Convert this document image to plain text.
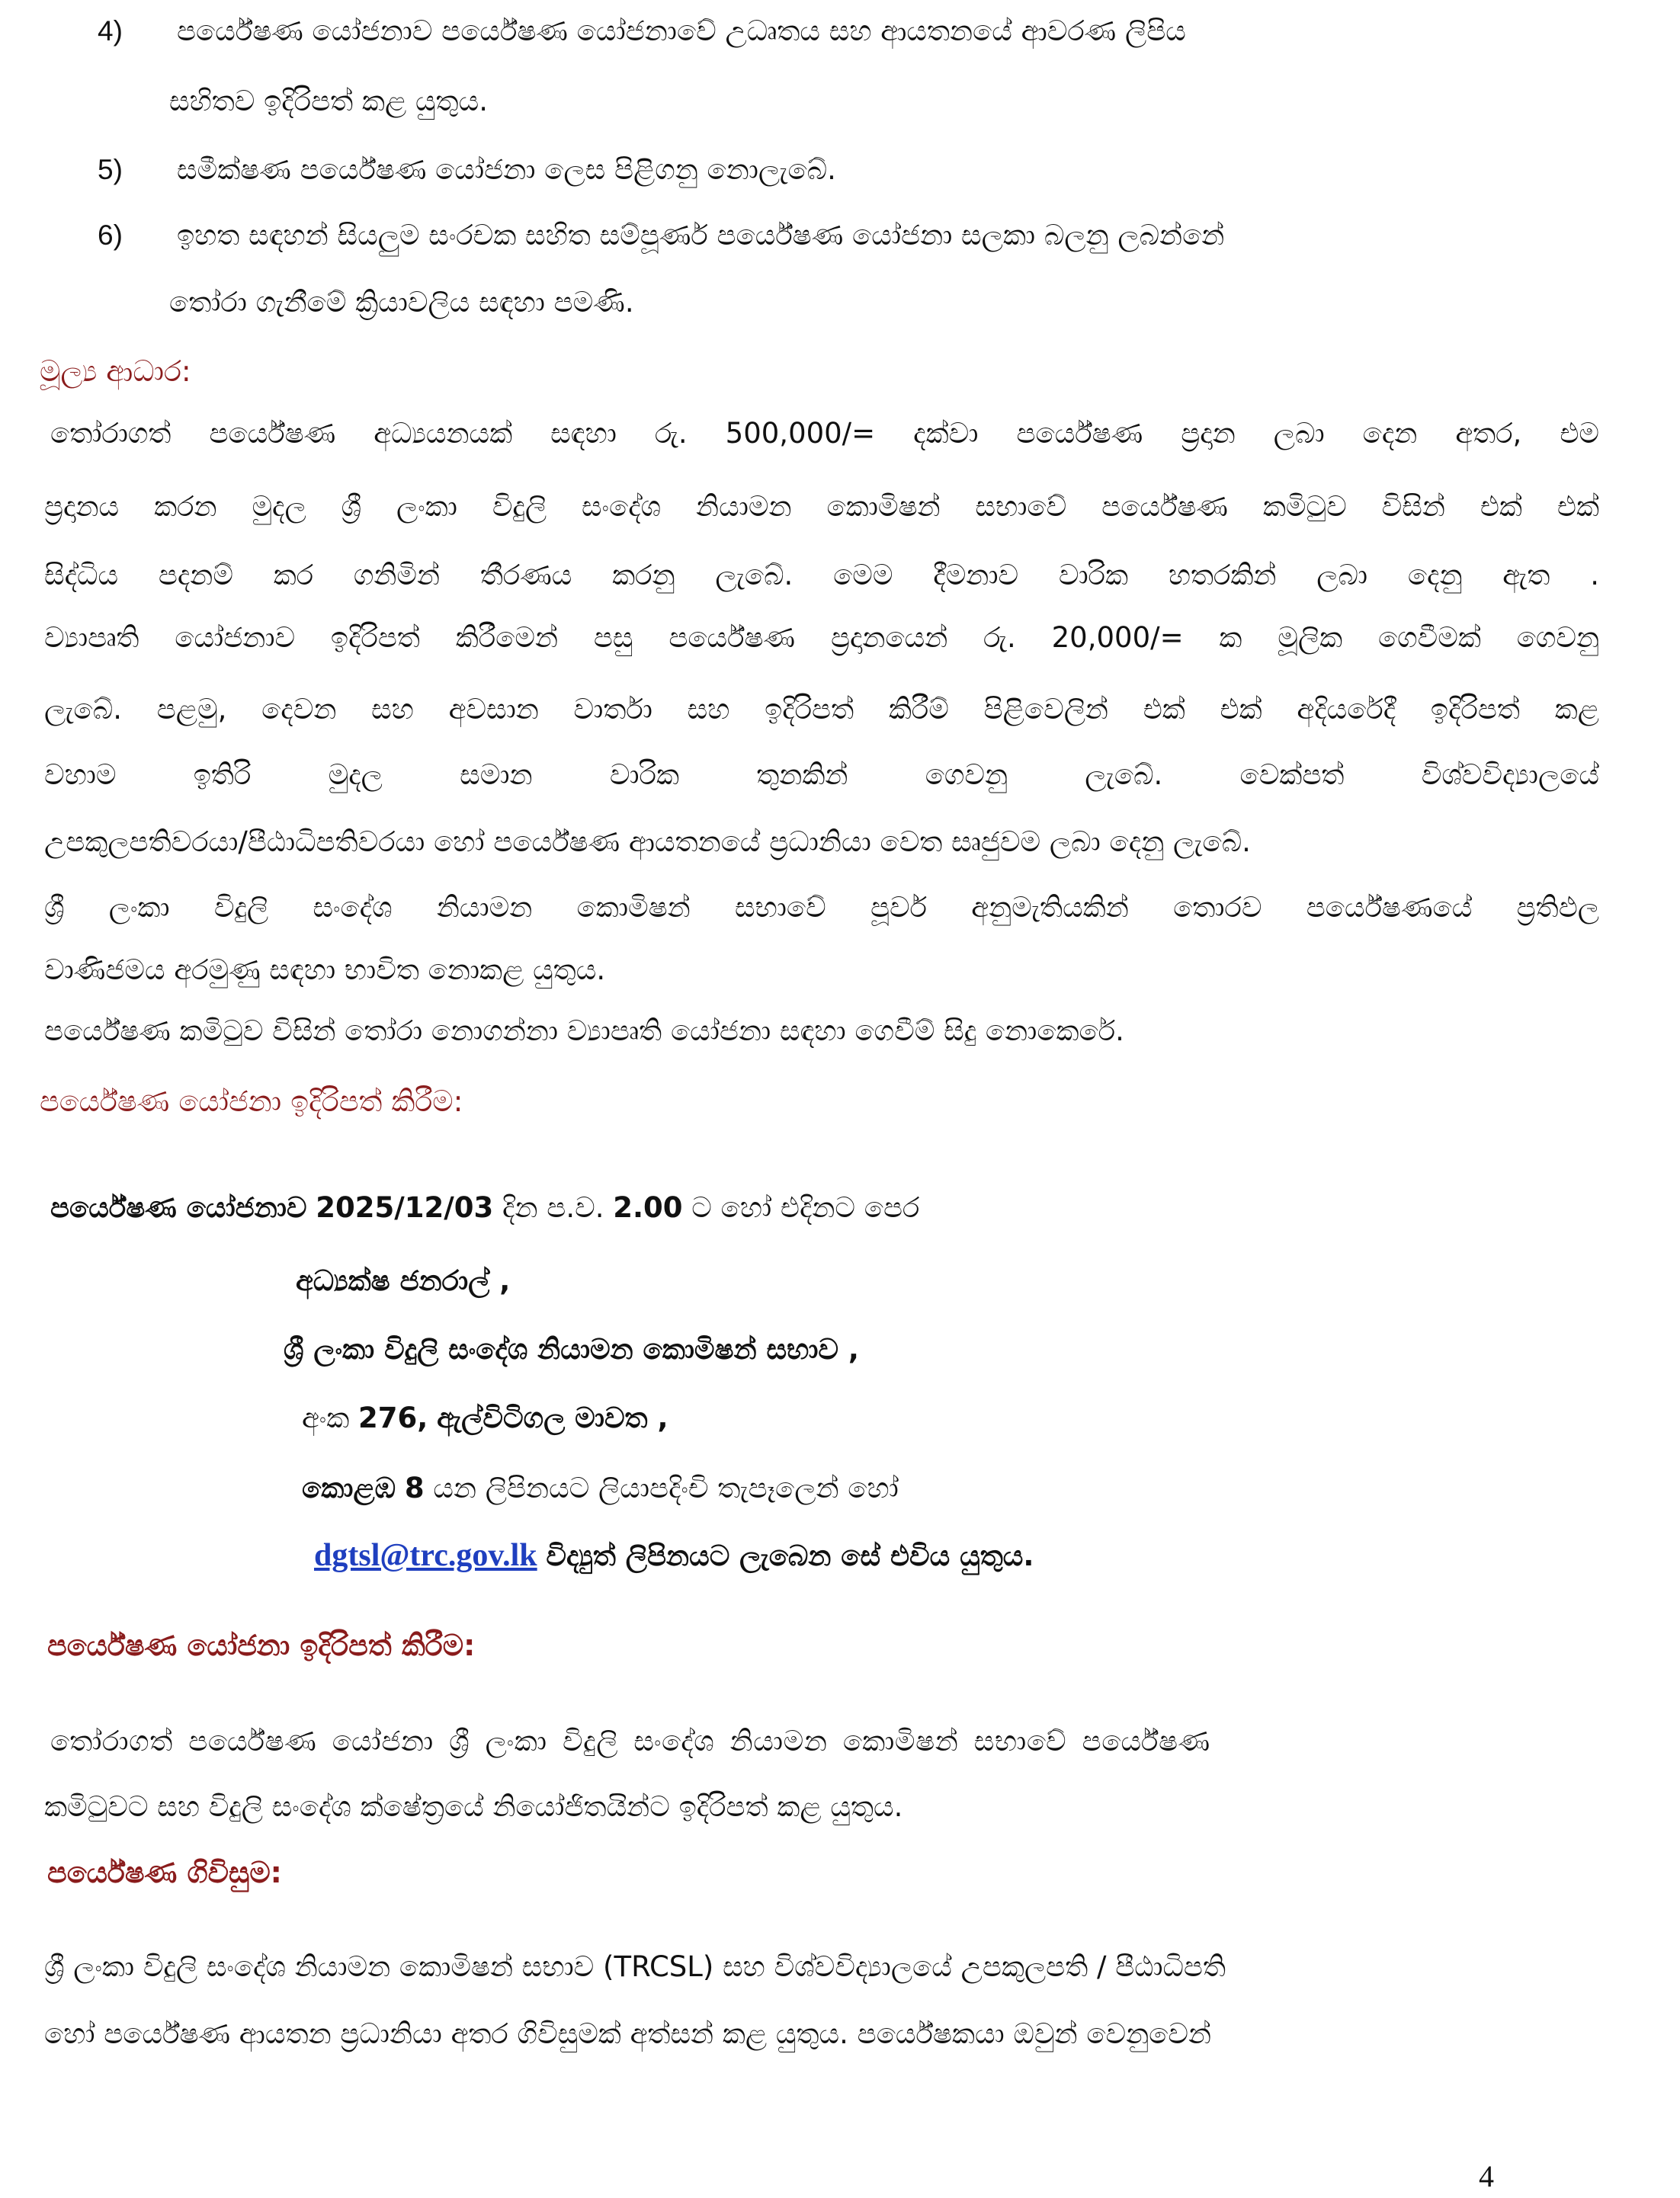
4) පර්යේෂණ යෝජනාව පර්යේෂණ යෝජනාවේ උධෘතය සහ ආයතනයේ ආවරණ ලිපිය
සහිතව ඉදිරිපත් කළ යුතුය.
5) සමීක්ෂණ පර්යේෂණ යෝජනා ලෙස පිළිගනු නොලැබේ.
6) ඉහත සඳහන් සියලුම සංරචක සහිත සම්පූර්ණ පර්යේෂණ යෝජනා සලකා බලනු ලබන්නේ
තෝරා ගැනීමේ ක්‍රියාවලිය සඳහා පමණි.
මූල්‍ය ආධාර:
තෝරාගත් පර්යේෂණ අධ්‍යයනයක් සඳහා රු. 500,000/= දක්වා පර්යේෂණ ප්‍රදාන ලබා දෙන අතර, එම
ප්‍රදානය කරන මුදල ශ්‍රී ලංකා විදුලි සංදේශ නියාමන කොමිෂන් සභාවේ පර්යේෂණ කමිටුව විසින් එක් එක්
සිද්ධිය පදනම් කර ගනිමින් තීරණය කරනු ලැබේ. මෙම දීමනාව වාරික හතරකින් ලබා දෙනු ඇත .
ව්‍යාපෘති යෝජනාව ඉදිරිපත් කිරීමෙන් පසු පර්යේෂණ ප්‍රදානයෙන් රු. 20,000/= ක මූලික ගෙවීමක් ගෙවනු
ලැබේ. පළමු, දෙවන සහ අවසාන වාර්තා සහ ඉදිරිපත් කිරීම් පිළිවෙලින් එක් එක් අදියරේදී ඉදිරිපත් කළ
වහාම ඉතිරි මුදල සමාන වාරික තුනකින් ගෙවනු ලැබේ. වෙක්පත් විශ්වවිද්‍යාලයේ
උපකුලපතිවරයා/පීඨාධිපතිවරයා හෝ පර්යේෂණ ආයතනයේ ප්‍රධානියා වෙත සෘජුවම ලබා දෙනු ලැබේ.
ශ්‍රී ලංකා විදුලි සංදේශ නියාමන කොමිෂන් සභාවේ පූර්ව අනුමැතියකින් තොරව පර්යේෂණයේ ප්‍රතිඵල
වාණිජමය අරමුණු සඳහා භාවිත නොකළ යුතුය.
පර්යේෂණ කමිටුව විසින් තෝරා නොගන්නා ව්‍යාපෘති යෝජනා සඳහා ගෙවීම් සිදු නොකෙරේ.
පර්යේෂණ යෝජනා ඉදිරිපත් කිරීම:
පර්යේෂණ යෝජනාව 2025/12/03 දින ප.ව. 2.00 ට හෝ එදිනට පෙර
අධ්‍යක්ෂ ජනරාල් ,
ශ්‍රී ලංකා විදුලි සංදේශ නියාමන කොමිෂන් සභාව ,
අංක 276, ඇල්විටිගල මාවත ,
කොළඹ 8 යන ලිපිනයට ලියාපදිංචි තැපෑලෙන් හෝ
dgtsl@trc.gov.lk විද්‍යුත් ලිපිනයට ලැබෙන සේ එවිය යුතුය.
පර්යේෂණ යෝජනා ඉදිරිපත් කිරීම:
තෝරාගත් පර්යේෂණ යෝජනා ශ්‍රී ලංකා විදුලි සංදේශ නියාමන කොමිෂන් සභාවේ පර්යේෂණ
කමිටුවට සහ විදුලි සංදේශ ක්ෂේත්‍රයේ නියෝජිතයින්ට ඉදිරිපත් කළ යුතුය.
පර්යේෂණ ගිවිසුම:
ශ්‍රී ලංකා විදුලි සංදේශ නියාමන කොමිෂන් සභාව (TRCSL) සහ විශ්වවිද්‍යාලයේ උපකුලපති / පීඨාධිපති
හෝ පර්යේෂණ ආයතන ප්‍රධානියා අතර ගිවිසුමක් අත්සන් කළ යුතුය. පර්යේෂකයා ඔවුන් වෙනුවෙන්
4
